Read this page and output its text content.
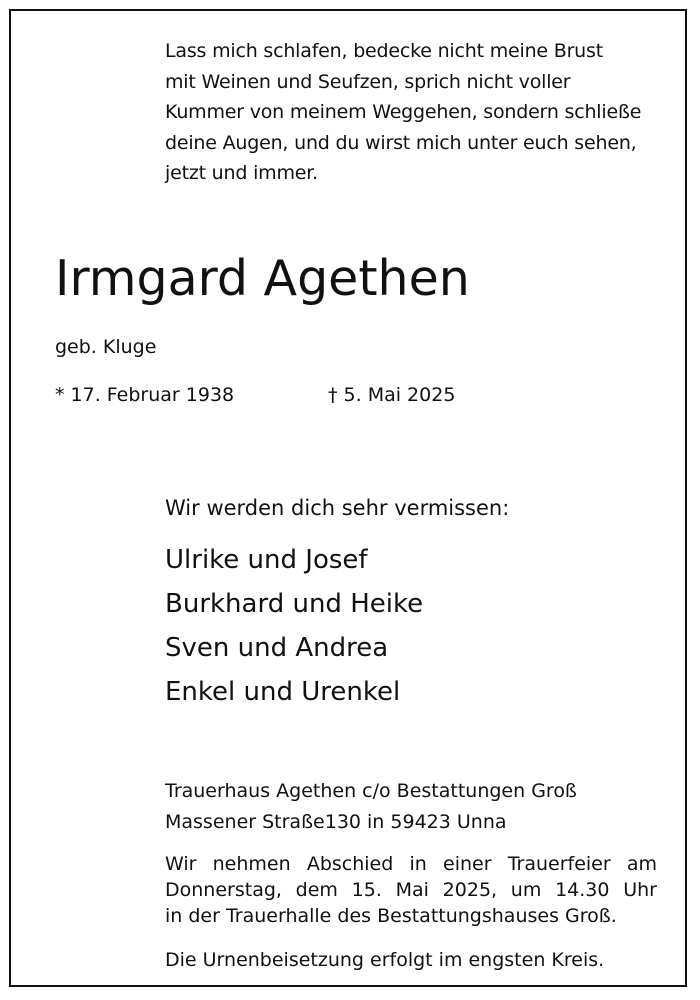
Lass mich schlafen, bedecke nicht meine Brust
mit Weinen und Seufzen, sprich nicht voller
Kummer von meinem Weggehen, sondern schließe
deine Augen, und du wirst mich unter euch sehen,
jetzt und immer.
Irmgard Agethen
geb. Kluge
* 17. Februar 1938	† 5. Mai 2025
Wir werden dich sehr vermissen:
Ulrike und Josef
Burkhard und Heike
Sven und Andrea
Enkel und Urenkel
Trauerhaus Agethen c/o Bestattungen Groß
Massener Straße130 in 59423 Unna
Wir nehmen Abschied in einer Trauerfeier am
Donnerstag, dem 15. Mai 2025, um 14.30 Uhr
in der Trauerhalle des Bestattungshauses Groß.
Die Urnenbeisetzung erfolgt im engsten Kreis.
